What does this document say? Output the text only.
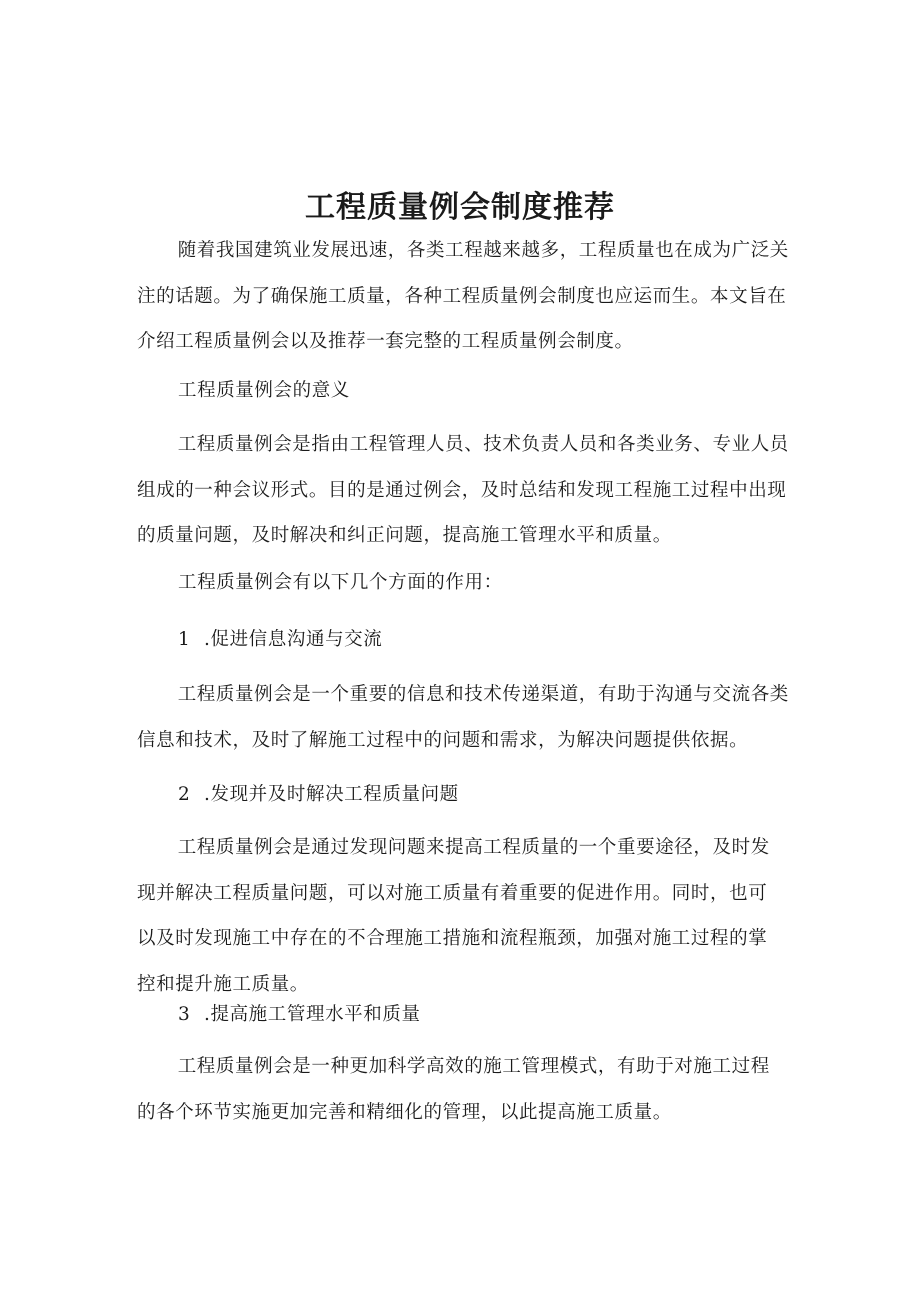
工程质量例会制度推荐

随着我国建筑业发展迅速，各类工程越来越多，工程质量也在成为广泛关注的话题。为了确保施工质量，各种工程质量例会制度也应运而生。本文旨在介绍工程质量例会以及推荐一套完整的工程质量例会制度。

工程质量例会的意义

工程质量例会是指由工程管理人员、技术负责人员和各类业务、专业人员组成的一种会议形式。目的是通过例会，及时总结和发现工程施工过程中出现的质量问题，及时解决和纠正问题，提高施工管理水平和质量。

工程质量例会有以下几个方面的作用：

1 .促进信息沟通与交流

工程质量例会是一个重要的信息和技术传递渠道，有助于沟通与交流各类信息和技术，及时了解施工过程中的问题和需求，为解决问题提供依据。

2 .发现并及时解决工程质量问题

工程质量例会是通过发现问题来提高工程质量的一个重要途径，及时发现并解决工程质量问题，可以对施工质量有着重要的促进作用。同时，也可以及时发现施工中存在的不合理施工措施和流程瓶颈，加强对施工过程的掌控和提升施工质量。

3 .提高施工管理水平和质量

工程质量例会是一种更加科学高效的施工管理模式，有助于对施工过程的各个环节实施更加完善和精细化的管理，以此提高施工质量。
